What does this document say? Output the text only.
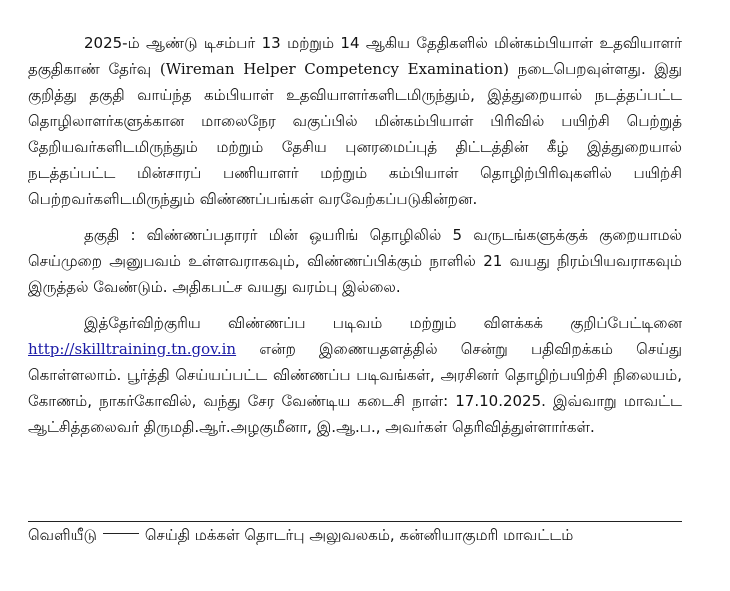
2025-ம் ஆண்டு டிசம்பர் 13 மற்றும் 14 ஆகிய தேதிகளில் மின்கம்பியாள் உதவியாளர் தகுதிகாண் தேர்வு (Wireman Helper Competency Examination) நடைபெறவுள்ளது. இது குறித்து தகுதி வாய்ந்த கம்பியாள் உதவியாளர்களிடமிருந்தும், இத்துறையால் நடத்தப்பட்ட தொழிலாளர்களுக்கான மாலைநேர வகுப்பில் மின்கம்பியாள் பிரிவில் பயிற்சி பெற்றுத் தேறியவர்களிடமிருந்தும் மற்றும் தேசிய புனரமைப்புத் திட்டத்தின் கீழ் இத்துறையால் நடத்தப்பட்ட மின்சாரப் பணியாளர் மற்றும் கம்பியாள் தொழிற்பிரிவுகளில் பயிற்சி பெற்றவர்களிடமிருந்தும் விண்ணப்பங்கள் வரவேற்கப்படுகின்றன.

தகுதி : விண்ணப்பதாரர் மின் ஒயரிங் தொழிலில் 5 வருடங்களுக்குக் குறையாமல் செய்முறை அனுபவம் உள்ளவராகவும், விண்ணப்பிக்கும் நாளில் 21 வயது நிரம்பியவராகவும் இருத்தல் வேண்டும். அதிகபட்ச வயது வரம்பு இல்லை.

இத்தேர்விற்குரிய விண்ணப்ப படிவம் மற்றும் விளக்கக் குறிப்பேட்டினை http://skilltraining.tn.gov.in என்ற இணையதளத்தில் சென்று பதிவிறக்கம் செய்து கொள்ளலாம். பூர்த்தி செய்யப்பட்ட விண்ணப்ப படிவங்கள், அரசினர் தொழிற்பயிற்சி நிலையம், கோணம், நாகர்கோவில், வந்து சேர வேண்டிய கடைசி நாள்: 17.10.2025. இவ்வாறு மாவட்ட ஆட்சித்தலைவர் திருமதி.ஆர்.அழகுமீனா, இ.ஆ.ப., அவர்கள் தெரிவித்துள்ளார்கள்.

வெளியீடு	செய்தி மக்கள் தொடர்பு அலுவலகம், கன்னியாகுமரி மாவட்டம்
